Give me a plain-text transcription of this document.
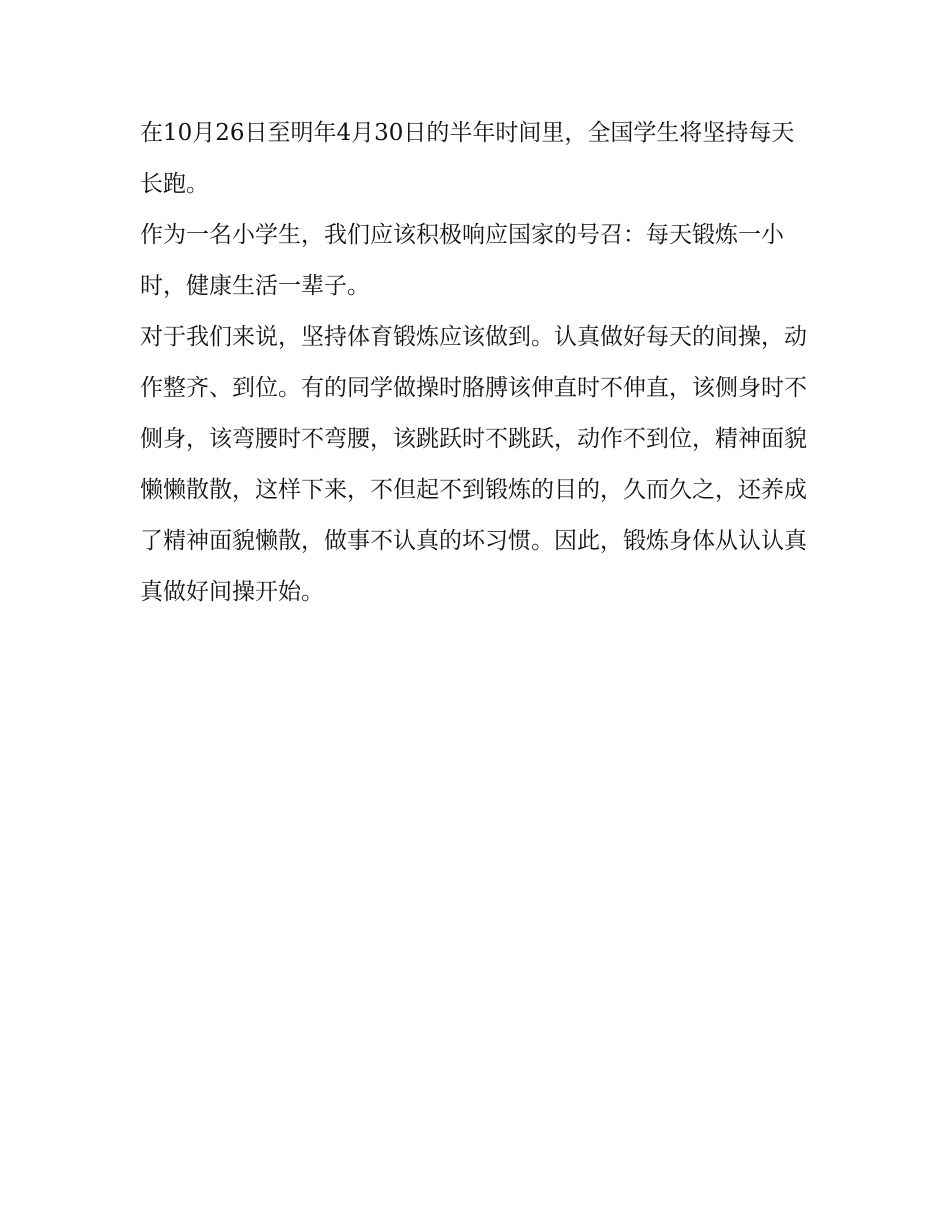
在10月26日至明年4月30日的半年时间里，全国学生将坚持每天长跑。

作为一名小学生，我们应该积极响应国家的号召：每天锻炼一小时，健康生活一辈子。

对于我们来说，坚持体育锻炼应该做到。认真做好每天的间操，动作整齐、到位。有的同学做操时胳膊该伸直时不伸直，该侧身时不侧身，该弯腰时不弯腰，该跳跃时不跳跃，动作不到位，精神面貌懒懒散散，这样下来，不但起不到锻炼的目的，久而久之，还养成了精神面貌懒散，做事不认真的坏习惯。因此，锻炼身体从认认真真做好间操开始。
